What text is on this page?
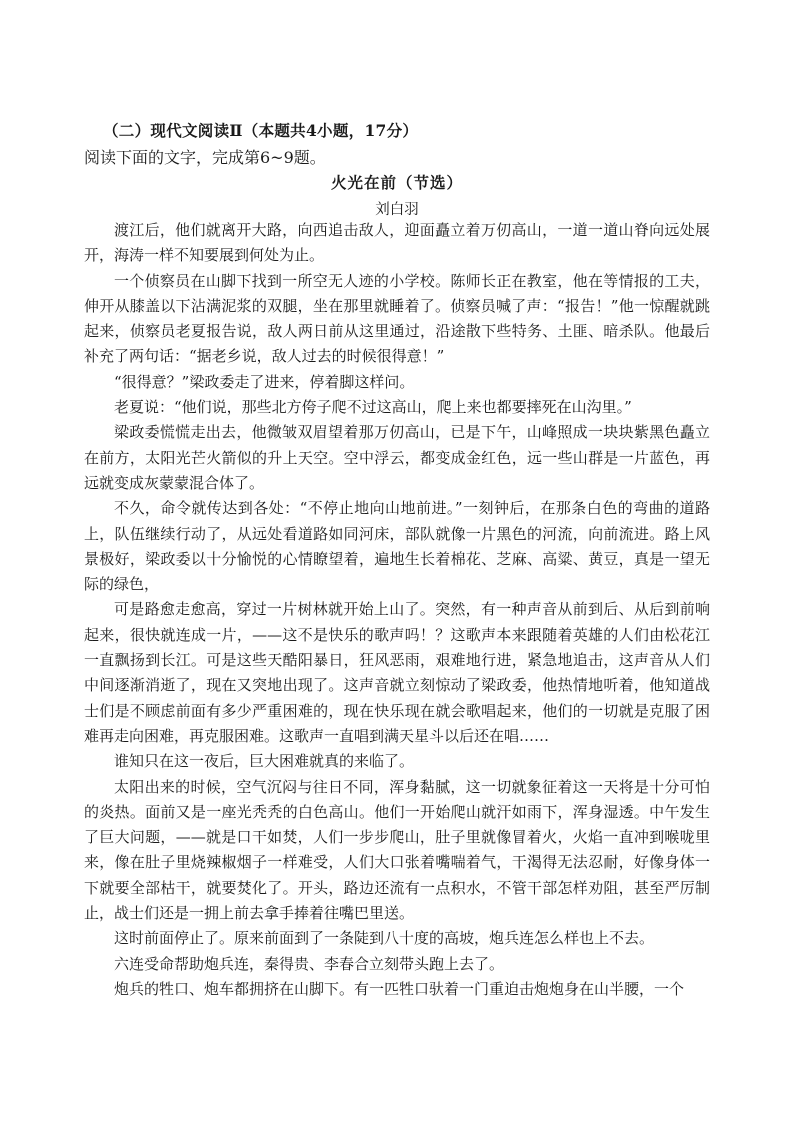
（二）现代文阅读Ⅱ（本题共4小题，17分）
阅读下面的文字，完成第6~9题。
火光在前（节选）
刘白羽

渡江后，他们就离开大路，向西追击敌人，迎面矗立着万仞高山，一道一道山脊向远处展开，海涛一样不知要展到何处为止。

一个侦察员在山脚下找到一所空无人迹的小学校。陈师长正在教室，他在等情报的工夫，伸开从膝盖以下沾满泥浆的双腿，坐在那里就睡着了。侦察员喊了声：“报告！”他一惊醒就跳起来，侦察员老夏报告说，敌人两日前从这里通过，沿途散下些特务、土匪、暗杀队。他最后补充了两句话：“据老乡说，敌人过去的时候很得意！”

“很得意？”梁政委走了进来，停着脚这样问。

老夏说：“他们说，那些北方侉子爬不过这高山，爬上来也都要摔死在山沟里。”

梁政委慌慌走出去，他微皱双眉望着那万仞高山，已是下午，山峰照成一块块紫黑色矗立在前方，太阳光芒火箭似的升上天空。空中浮云，都变成金红色，远一些山群是一片蓝色，再远就变成灰蒙蒙混合体了。

不久，命令就传达到各处：“不停止地向山地前进。”一刻钟后，在那条白色的弯曲的道路上，队伍继续行动了，从远处看道路如同河床，部队就像一片黑色的河流，向前流进。路上风景极好，梁政委以十分愉悦的心情瞭望着，遍地生长着棉花、芝麻、高粱、黄豆，真是一望无际的绿色，

可是路愈走愈高，穿过一片树林就开始上山了。突然，有一种声音从前到后、从后到前响起来，很快就连成一片，——这不是快乐的歌声吗！？这歌声本来跟随着英雄的人们由松花江一直飘扬到长江。可是这些天酷阳暴日，狂风恶雨，艰难地行进，紧急地追击，这声音从人们中间逐渐消逝了，现在又突地出现了。这声音就立刻惊动了梁政委，他热情地听着，他知道战士们是不顾虑前面有多少严重困难的，现在快乐现在就会歌唱起来，他们的一切就是克服了困难再走向困难，再克服困难。这歌声一直唱到满天星斗以后还在唱……

谁知只在这一夜后，巨大困难就真的来临了。

太阳出来的时候，空气沉闷与往日不同，浑身黏腻，这一切就象征着这一天将是十分可怕的炎热。面前又是一座光秃秃的白色高山。他们一开始爬山就汗如雨下，浑身湿透。中午发生了巨大问题，——就是口干如焚，人们一步步爬山，肚子里就像冒着火，火焰一直冲到喉咙里来，像在肚子里烧辣椒烟子一样难受，人们大口张着嘴喘着气，干渴得无法忍耐，好像身体一下就要全部枯干，就要焚化了。开头，路边还流有一点积水，不管干部怎样劝阻，甚至严厉制止，战士们还是一拥上前去拿手捧着往嘴巴里送。

这时前面停止了。原来前面到了一条陡到八十度的高坡，炮兵连怎么样也上不去。

六连受命帮助炮兵连，秦得贵、李春合立刻带头跑上去了。

炮兵的牲口、炮车都拥挤在山脚下。有一匹牲口驮着一门重迫击炮炮身在山半腰，一个
